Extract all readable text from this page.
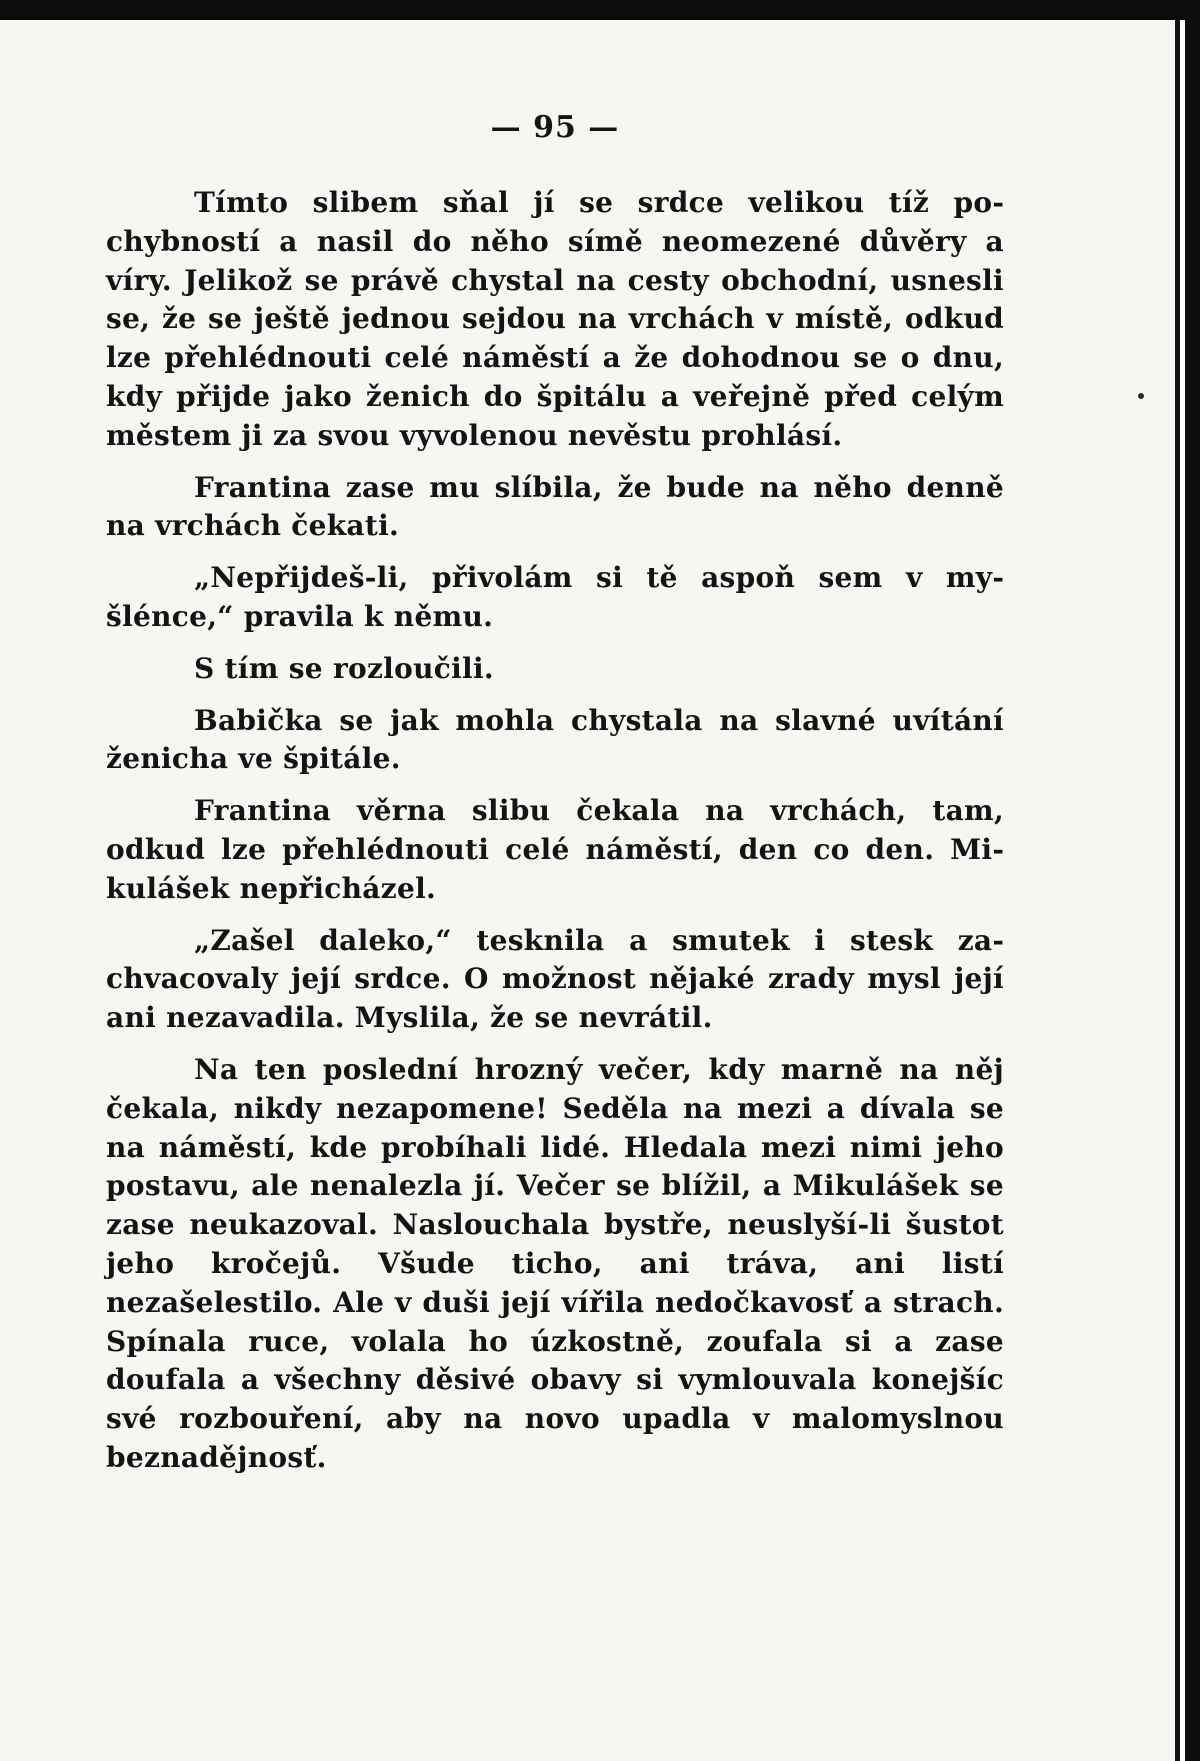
— 95 —

Tímto slibem sňal jí se srdce velikou tíž pochybností a nasil do něho símě neomezené důvěry a víry. Jelikož se právě chystal na cesty obchodní, usnesli se, že se ještě jednou sejdou na vrchách v místě, odkud lze přehlédnouti celé náměstí a že dohodnou se o dnu, kdy přijde jako ženich do špitálu a veřejně před celým městem ji za svou vyvolenou nevěstu prohlásí.

Frantina zase mu slíbila, že bude na něho denně na vrchách čekati.

„Nepřijdeš-li, přivolám si tě aspoň sem v myšlénce,“ pravila k němu.

S tím se rozloučili.

Babička se jak mohla chystala na slavné uvítání ženicha ve špitále.

Frantina věrna slibu čekala na vrchách, tam, odkud lze přehlédnouti celé náměstí, den co den. Mikulášek nepřicházel.

„Zašel daleko,“ tesknila a smutek i stesk zachvacovaly její srdce. O možnost nějaké zrady mysl její ani nezavadila. Myslila, že se nevrátil.

Na ten poslední hrozný večer, kdy marně na něj čekala, nikdy nezapomene! Seděla na mezi a dívala se na náměstí, kde probíhali lidé. Hledala mezi nimi jeho postavu, ale nenalezla jí. Večer se blížil, a Mikulášek se zase neukazoval. Naslouchala bystře, neuslyší-li šustot jeho kročejů. Všude ticho, ani tráva, ani listí nezašelestilo. Ale v duši její vířila nedočkavosť a strach. Spínala ruce, volala ho úzkostně, zoufala si a zase doufala a všechny děsivé obavy si vymlouvala konejšíc své rozbouření, aby na novo upadla v malomyslnou beznadějnosť.
